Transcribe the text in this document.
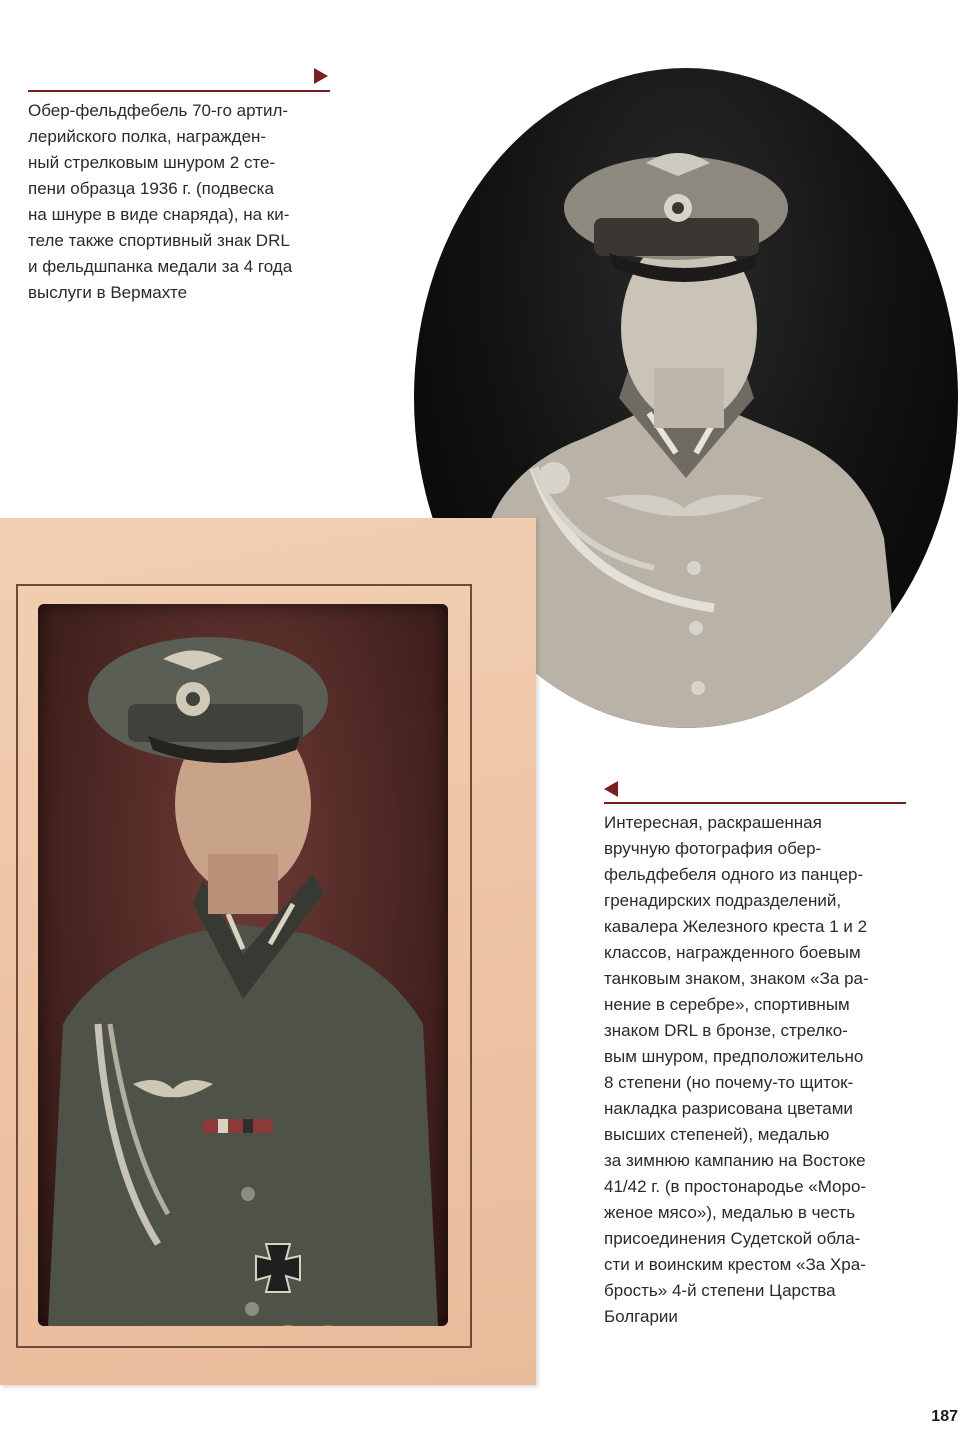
Обер-фельдфебель 70-го артил-
лерийского полка, награжден-
ный стрелковым шнуром 2 сте-
пени образца 1936 г. (подвеска
на шнуре в виде снаряда), на ки-
теле также спортивный знак DRL
и фельдшпанка медали за 4 года
выслуги в Вермахте

Интересная, раскрашенная
вручную фотография обер-
фельдфебеля одного из панцер-
гренадирских подразделений,
кавалера Железного креста 1 и 2
классов, награжденного боевым
танковым знаком, знаком «За ра-
нение в серебре», спортивным
знаком DRL в бронзе, стрелко-
вым шнуром, предположительно
8 степени (но почему-то щиток-
накладка разрисована цветами
высших степеней), медалью
за зимнюю кампанию на Востоке
41/42 г. (в простонародье «Моро-
женое мясо»), медалью в честь
присоединения Судетской обла-
сти и воинским крестом «За Хра-
брость» 4-й степени Царства
Болгарии

187
